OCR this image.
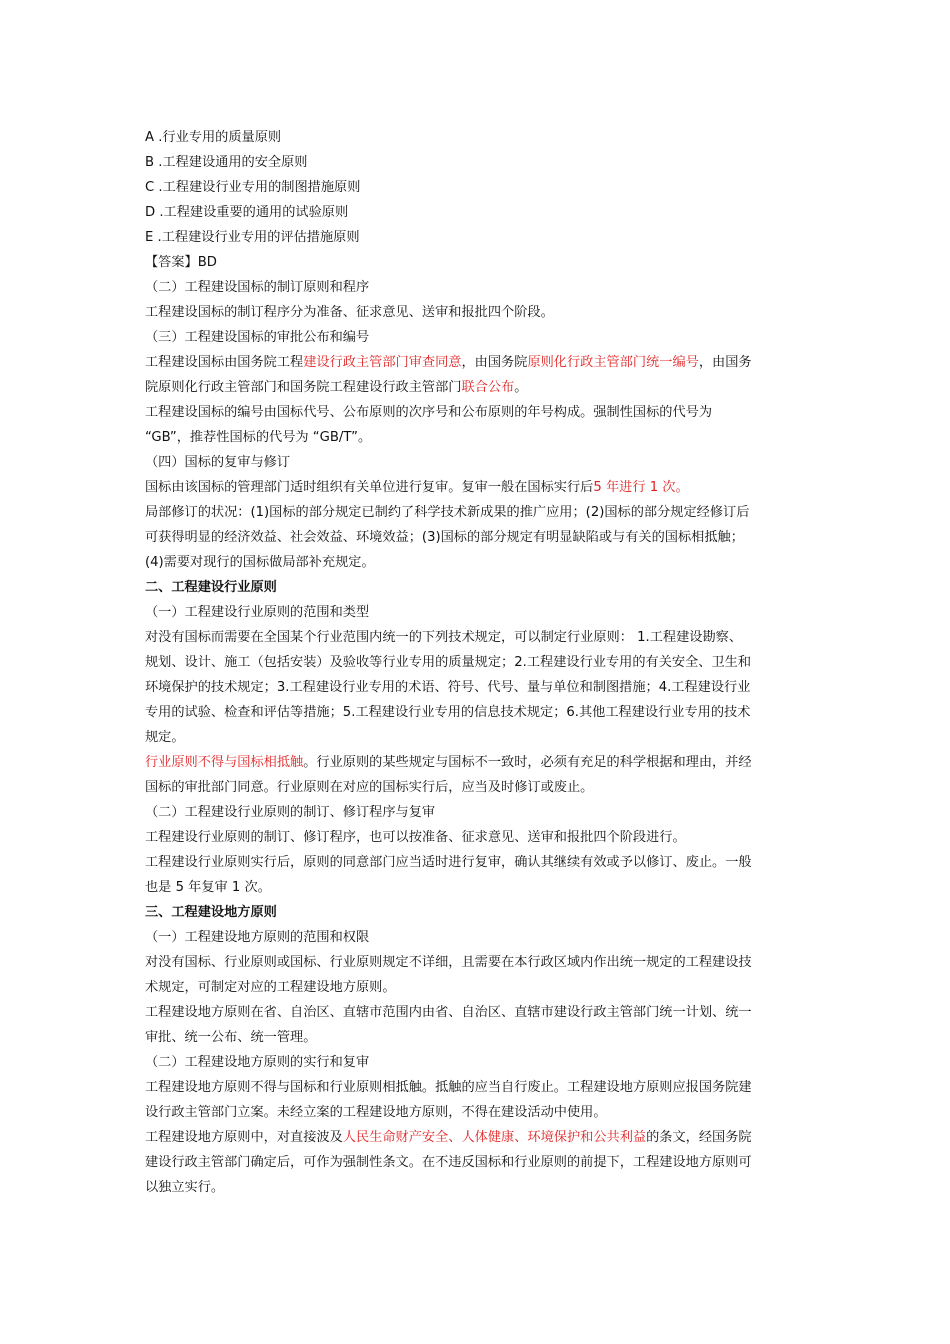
A .行业专用的质量原则
B .工程建设通用的安全原则
C .工程建设行业专用的制图措施原则
D .工程建设重要的通用的试验原则
E .工程建设行业专用的评估措施原则
【答案】BD
（二）工程建设国标的制订原则和程序
工程建设国标的制订程序分为准备、征求意见、送审和报批四个阶段。
（三）工程建设国标的审批公布和编号
工程建设国标由国务院工程建设行政主管部门审查同意，由国务院原则化行政主管部门统一编号，由国务
院原则化行政主管部门和国务院工程建设行政主管部门联合公布。
工程建设国标的编号由国标代号、公布原则的次序号和公布原则的年号构成。强制性国标的代号为
“GB”，推荐性国标的代号为 “GB/T”。
（四）国标的复审与修订
国标由该国标的管理部门适时组织有关单位进行复审。复审一般在国标实行后5 年进行 1 次。
局部修订的状况：(1)国标的部分规定已制约了科学技术新成果的推广应用；(2)国标的部分规定经修订后
可获得明显的经济效益、社会效益、环境效益；(3)国标的部分规定有明显缺陷或与有关的国标相抵触；
(4)需要对现行的国标做局部补充规定。
二、工程建设行业原则
（一）工程建设行业原则的范围和类型
对没有国标而需要在全国某个行业范围内统一的下列技术规定，可以制定行业原则： 1.工程建设勘察、
规划、设计、施工（包括安装）及验收等行业专用的质量规定；2.工程建设行业专用的有关安全、卫生和
环境保护的技术规定；3.工程建设行业专用的术语、符号、代号、量与单位和制图措施；4.工程建设行业
专用的试验、检查和评估等措施；5.工程建设行业专用的信息技术规定；6.其他工程建设行业专用的技术
规定。
行业原则不得与国标相抵触。行业原则的某些规定与国标不一致时，必须有充足的科学根据和理由，并经
国标的审批部门同意。行业原则在对应的国标实行后，应当及时修订或废止。
（二）工程建设行业原则的制订、修订程序与复审
工程建设行业原则的制订、修订程序，也可以按准备、征求意见、送审和报批四个阶段进行。
工程建设行业原则实行后，原则的同意部门应当适时进行复审，确认其继续有效或予以修订、废止。一般
也是 5 年复审 1 次。
三、工程建设地方原则
（一）工程建设地方原则的范围和权限
对没有国标、行业原则或国标、行业原则规定不详细，且需要在本行政区域内作出统一规定的工程建设技
术规定，可制定对应的工程建设地方原则。
工程建设地方原则在省、自治区、直辖市范围内由省、自治区、直辖市建设行政主管部门统一计划、统一
审批、统一公布、统一管理。
（二）工程建设地方原则的实行和复审
工程建设地方原则不得与国标和行业原则相抵触。抵触的应当自行废止。工程建设地方原则应报国务院建
设行政主管部门立案。未经立案的工程建设地方原则，不得在建设活动中使用。
工程建设地方原则中，对直接波及人民生命财产安全、人体健康、环境保护和公共利益的条文，经国务院
建设行政主管部门确定后，可作为强制性条文。在不违反国标和行业原则的前提下，工程建设地方原则可
以独立实行。
